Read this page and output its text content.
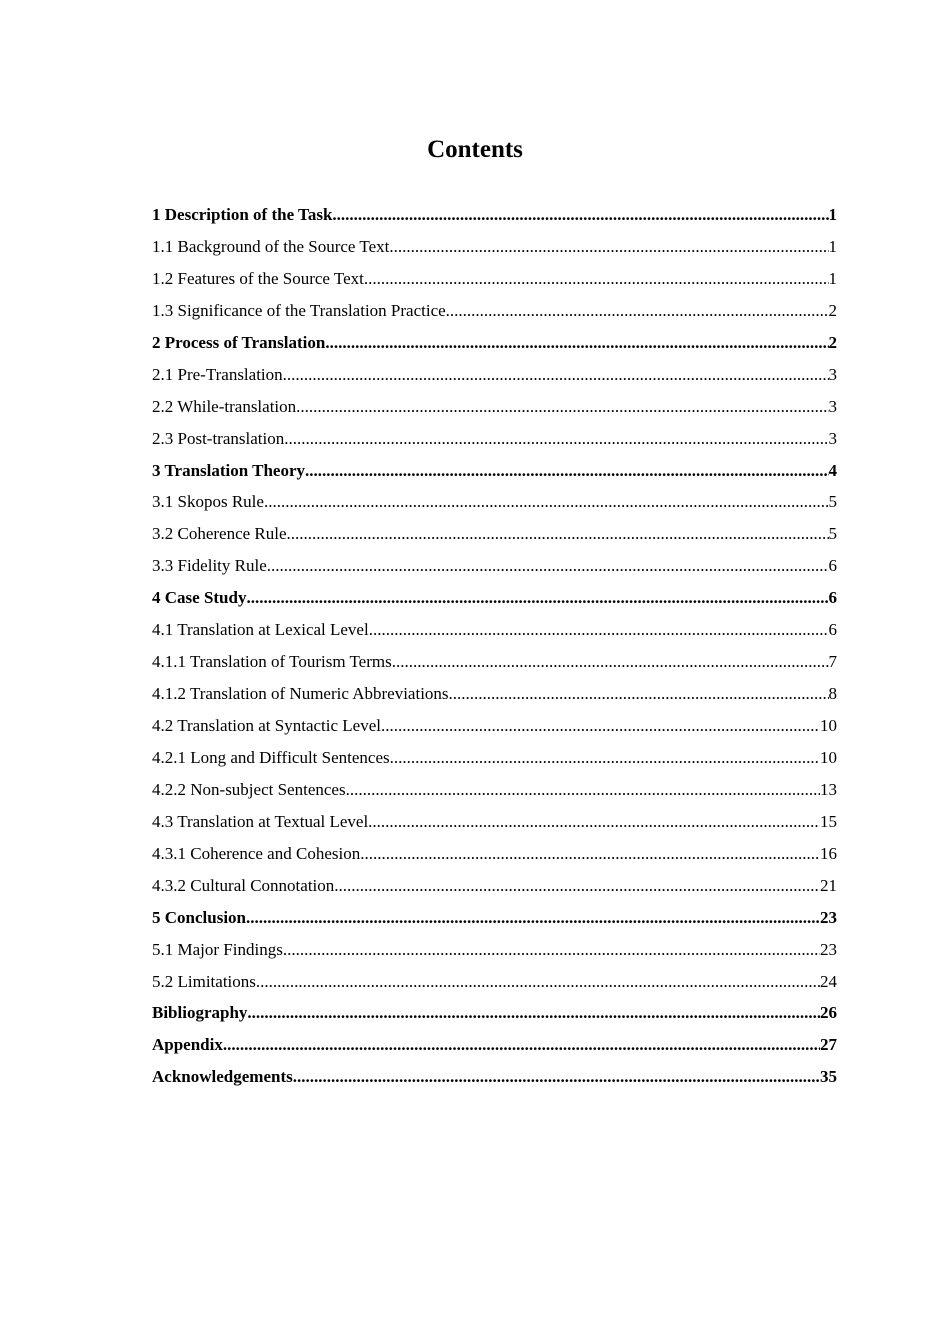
Contents
1 Description of the Task .....	1
1.1 Background of the Source Text .....	1
1.2 Features of the Source Text .....	1
1.3 Significance of the Translation Practice .....	2
2 Process of Translation .....	2
2.1 Pre-Translation .....	3
2.2 While-translation .....	3
2.3 Post-translation .....	3
3 Translation Theory .....	4
3.1 Skopos Rule .....	5
3.2 Coherence Rule .....	5
3.3 Fidelity Rule .....	6
4 Case Study .....	6
4.1 Translation at Lexical Level .....	6
4.1.1 Translation of Tourism Terms .....	7
4.1.2 Translation of Numeric Abbreviations .....	8
4.2 Translation at Syntactic Level .....	10
4.2.1 Long and Difficult Sentences .....	10
4.2.2 Non-subject Sentences .....	13
4.3 Translation at Textual Level .....	15
4.3.1 Coherence and Cohesion .....	16
4.3.2 Cultural Connotation .....	21
5 Conclusion .....	23
5.1 Major Findings .....	23
5.2 Limitations .....	24
Bibliography .....	26
Appendix .....	27
Acknowledgements .....	35
